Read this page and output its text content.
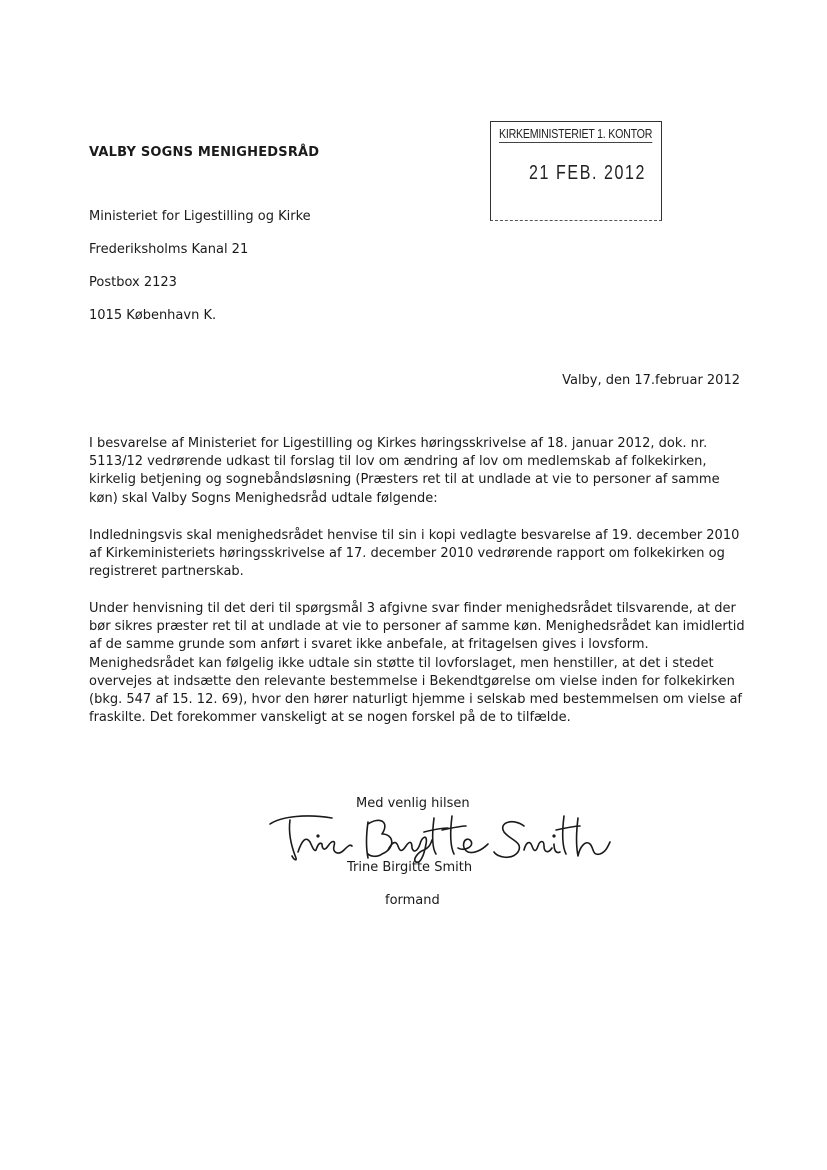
VALBY SOGNS MENIGHEDSRÅD
KIRKEMINISTERIET 1. KONTOR
21 FEB. 2012

Ministeriet for Ligestilling og Kirke

Frederiksholms Kanal 21

Postbox 2123

1015 København K.

Valby, den 17.februar 2012

I besvarelse af Ministeriet for Ligestilling og Kirkes høringsskrivelse af 18. januar 2012, dok. nr. 5113/12 vedrørende udkast til forslag til lov om ændring af lov om medlemskab af folkekirken, kirkelig betjening og sognebåndsløsning (Præsters ret til at undlade at vie to personer af samme køn) skal Valby Sogns Menighedsråd udtale følgende:

Indledningsvis skal menighedsrådet henvise til sin i kopi vedlagte besvarelse af 19. december 2010 af Kirkeministeriets høringsskrivelse af 17. december 2010 vedrørende rapport om folkekirken og registreret partnerskab.

Under henvisning til det deri til spørgsmål 3 afgivne svar finder menighedsrådet tilsvarende, at der bør sikres præster ret til at undlade at vie to personer af samme køn. Menighedsrådet kan imidlertid af de samme grunde som anført i svaret ikke anbefale, at fritagelsen gives i lovsform. Menighedsrådet kan følgelig ikke udtale sin støtte til lovforslaget, men henstiller, at det i stedet overvejes at indsætte den relevante bestemmelse i Bekendtgørelse om vielse inden for folkekirken (bkg. 547 af 15. 12. 69), hvor den hører naturligt hjemme i selskab med bestemmelsen om vielse af fraskilte. Det forekommer vanskeligt at se nogen forskel på de to tilfælde.

Med venlig hilsen

Trine Birgitte Smith

formand
